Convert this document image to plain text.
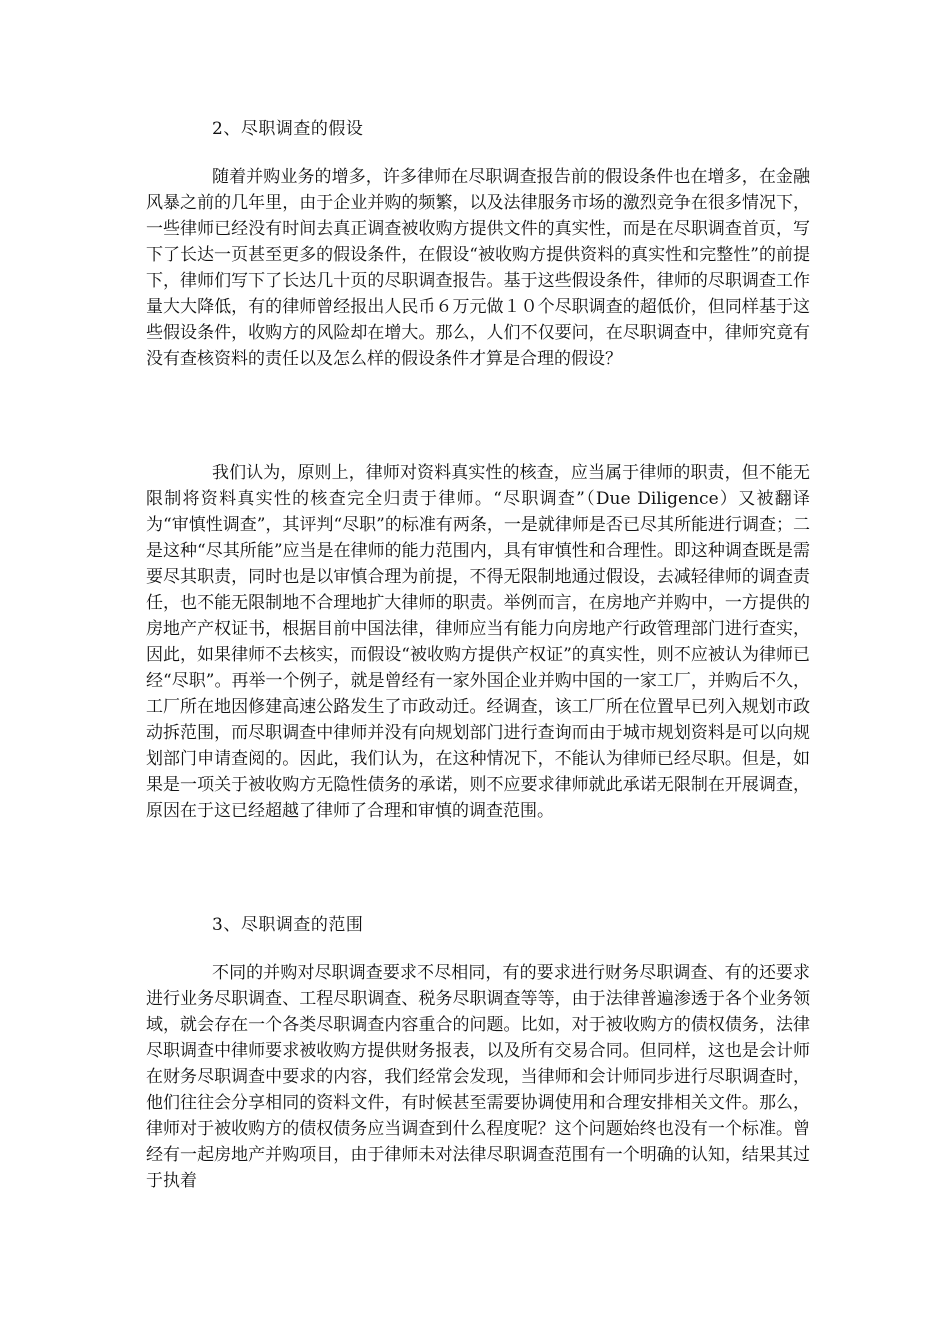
2、尽职调查的假设

随着并购业务的增多，许多律师在尽职调查报告前的假设条件也在增多，在金融风暴之前的几年里，由于企业并购的频繁，以及法律服务市场的激烈竞争在很多情况下，一些律师已经没有时间去真正调查被收购方提供文件的真实性，而是在尽职调查首页，写下了长达一页甚至更多的假设条件，在假设“被收购方提供资料的真实性和完整性”的前提下，律师们写下了长达几十页的尽职调查报告。基于这些假设条件，律师的尽职调查工作量大大降低，有的律师曾经报出人民币６万元做１０个尽职调查的超低价，但同样基于这些假设条件，收购方的风险却在增大。那么，人们不仅要问，在尽职调查中，律师究竟有没有查核资料的责任以及怎么样的假设条件才算是合理的假设？

我们认为，原则上，律师对资料真实性的核查，应当属于律师的职责，但不能无限制将资料真实性的核查完全归责于律师。“尽职调查”（Due Diligence）又被翻译为“审慎性调查”，其评判“尽职”的标准有两条，一是就律师是否已尽其所能进行调查；二是这种“尽其所能”应当是在律师的能力范围内，具有审慎性和合理性。即这种调查既是需要尽其职责，同时也是以审慎合理为前提，不得无限制地通过假设，去减轻律师的调查责任，也不能无限制地不合理地扩大律师的职责。举例而言，在房地产并购中，一方提供的房地产产权证书，根据目前中国法律，律师应当有能力向房地产行政管理部门进行查实，因此，如果律师不去核实，而假设“被收购方提供产权证”的真实性，则不应被认为律师已经“尽职”。再举一个例子，就是曾经有一家外国企业并购中国的一家工厂，并购后不久，工厂所在地因修建高速公路发生了市政动迁。经调查，该工厂所在位置早已列入规划市政动拆范围，而尽职调查中律师并没有向规划部门进行查询而由于城市规划资料是可以向规划部门申请查阅的。因此，我们认为，在这种情况下，不能认为律师已经尽职。但是，如果是一项关于被收购方无隐性债务的承诺，则不应要求律师就此承诺无限制在开展调查，原因在于这已经超越了律师了合理和审慎的调查范围。

3、尽职调查的范围

不同的并购对尽职调查要求不尽相同，有的要求进行财务尽职调查、有的还要求进行业务尽职调查、工程尽职调查、税务尽职调查等等，由于法律普遍渗透于各个业务领域，就会存在一个各类尽职调查内容重合的问题。比如，对于被收购方的债权债务，法律尽职调查中律师要求被收购方提供财务报表，以及所有交易合同。但同样，这也是会计师在财务尽职调查中要求的内容，我们经常会发现，当律师和会计师同步进行尽职调查时，他们往往会分享相同的资料文件，有时候甚至需要协调使用和合理安排相关文件。那么，律师对于被收购方的债权债务应当调查到什么程度呢？这个问题始终也没有一个标准。曾经有一起房地产并购项目，由于律师未对法律尽职调查范围有一个明确的认知，结果其过于执着
